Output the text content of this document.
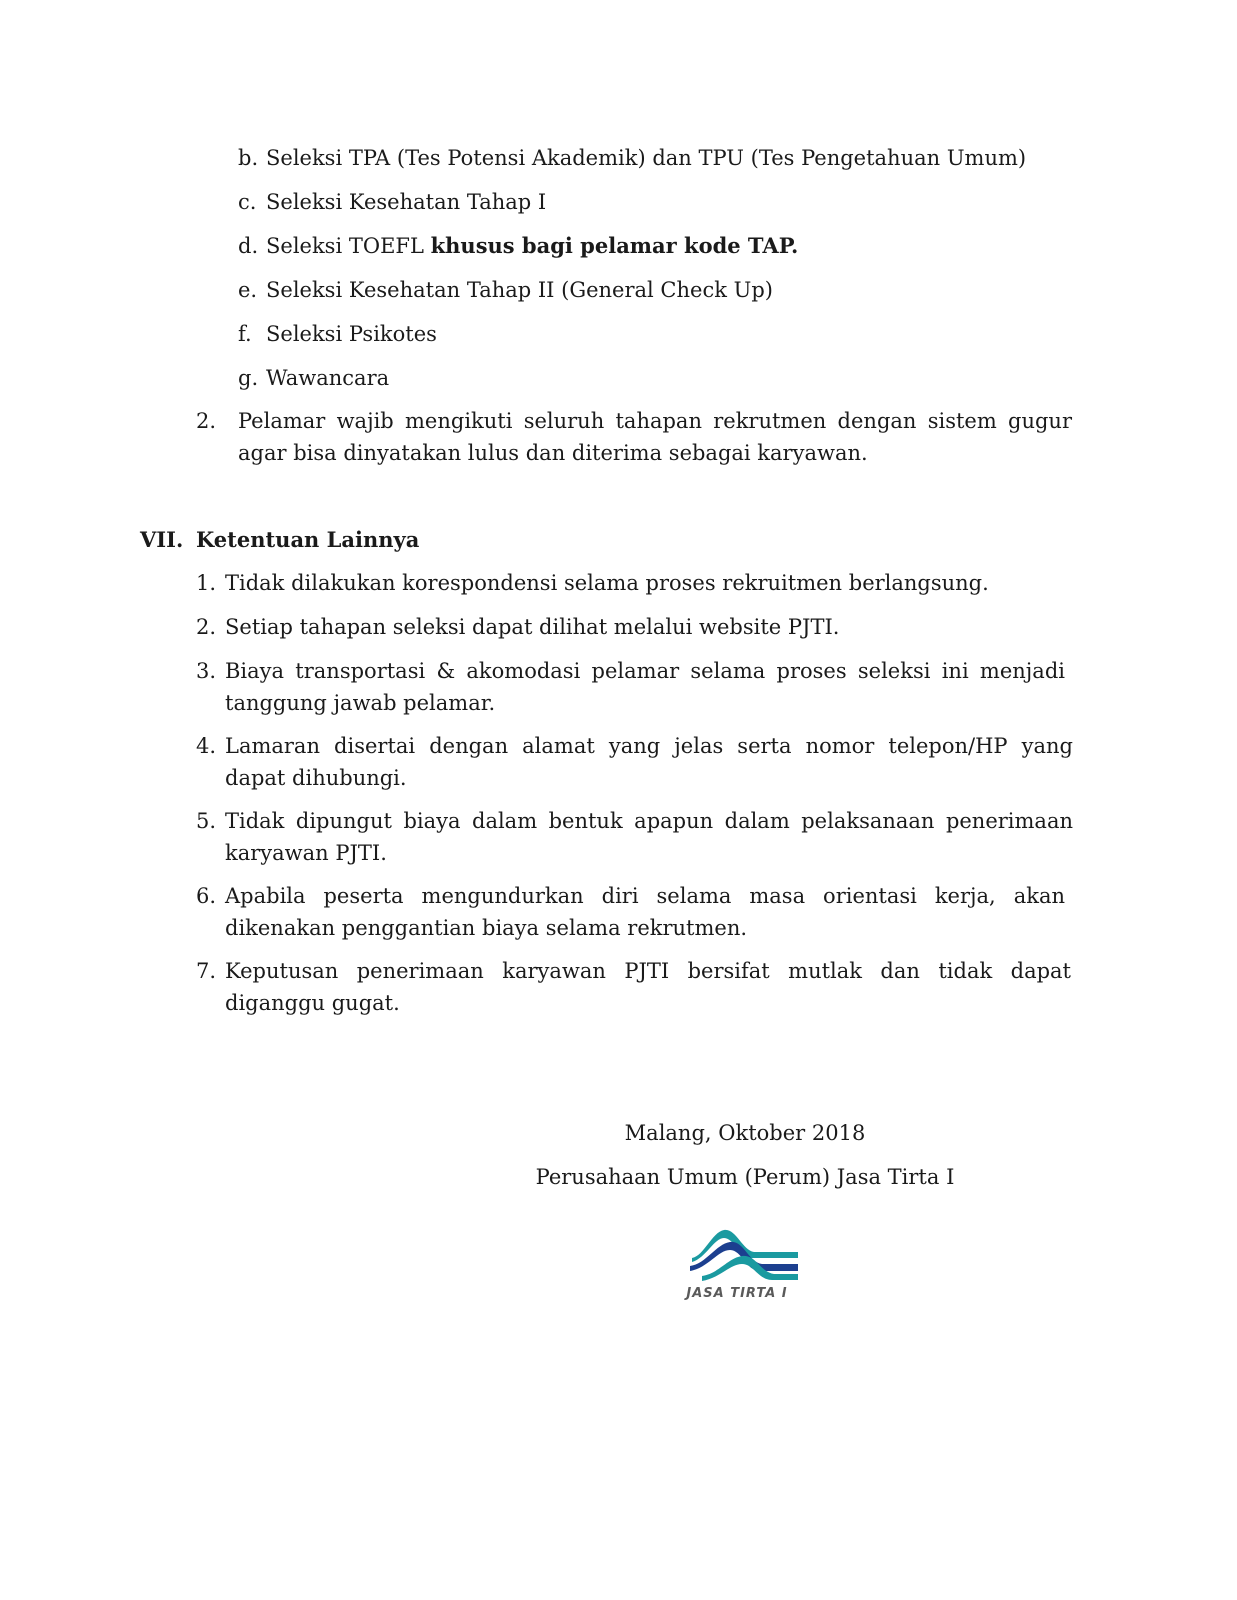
b. Seleksi TPA (Tes Potensi Akademik) dan TPU (Tes Pengetahuan Umum)
c. Seleksi Kesehatan Tahap I
d. Seleksi TOEFL khusus bagi pelamar kode TAP.
e. Seleksi Kesehatan Tahap II (General Check Up)
f. Seleksi Psikotes
g. Wawancara
2. Pelamar wajib mengikuti seluruh tahapan rekrutmen dengan sistem gugur agar bisa dinyatakan lulus dan diterima sebagai karyawan.
VII. Ketentuan Lainnya
1. Tidak dilakukan korespondensi selama proses rekruitmen berlangsung.
2. Setiap tahapan seleksi dapat dilihat melalui website PJTI.
3. Biaya transportasi & akomodasi pelamar selama proses seleksi ini menjadi tanggung jawab pelamar.
4. Lamaran disertai dengan alamat yang jelas serta nomor telepon/HP yang dapat dihubungi.
5. Tidak dipungut biaya dalam bentuk apapun dalam pelaksanaan penerimaan karyawan PJTI.
6. Apabila peserta mengundurkan diri selama masa orientasi kerja, akan dikenakan penggantian biaya selama rekrutmen.
7. Keputusan penerimaan karyawan PJTI bersifat mutlak dan tidak dapat diganggu gugat.
Malang, Oktober 2018
Perusahaan Umum (Perum) Jasa Tirta I
JASA TIRTA I
